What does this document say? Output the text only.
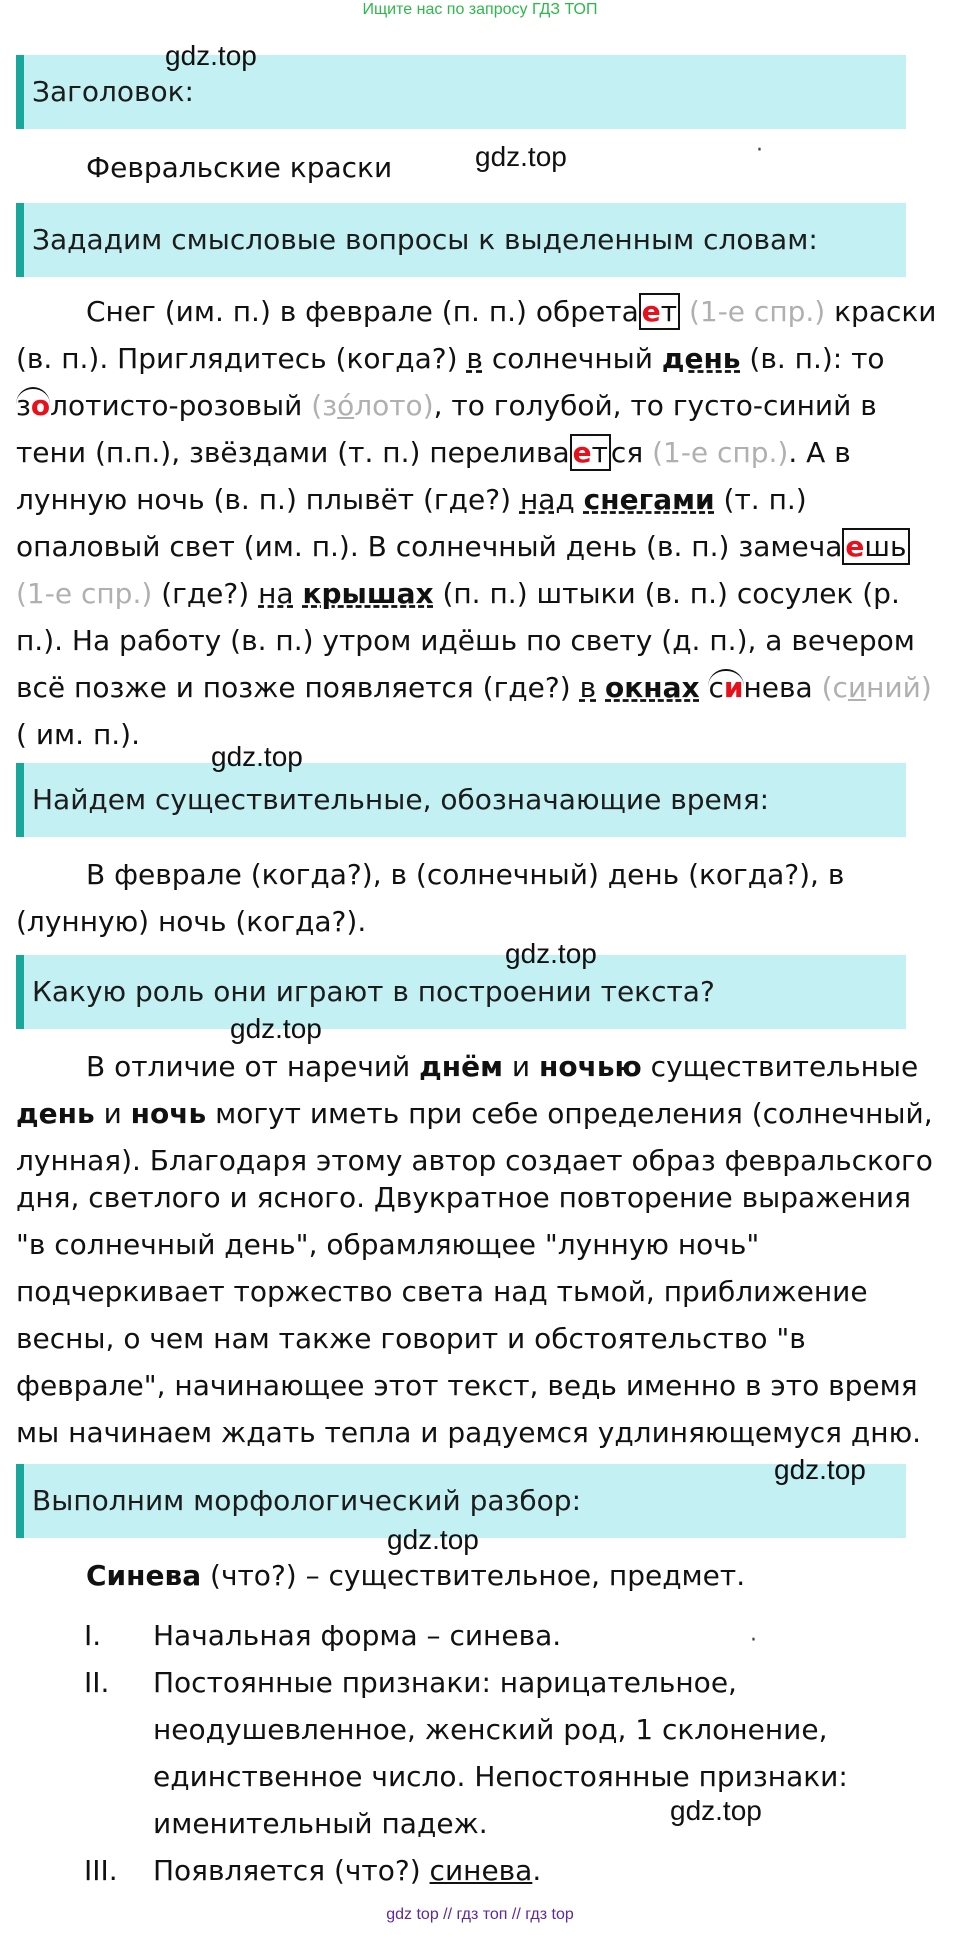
Ищите нас по запросу ГДЗ ТОП
Заголовок:
Февральские краски
Зададим смысловые вопросы к выделенным словам:
Снег (им. п.) в феврале (п. п.) обрета ет (1-е спр.) краски
(в. п.). Приглядитесь (когда?) в солнечный день (в. п.): то
золотисто-розовый (зо́лото), то голубой, то густо-синий в
тени (п.п.), звёздами (т. п.) перелива ет ся (1-е спр.). А в
лунную ночь (в. п.) плывёт (где?) над снегами (т. п.)
опаловый свет (им. п.). В солнечный день (в. п.) замеча ешь
(1-е спр.) (где?) на крышах (п. п.) штыки (в. п.) сосулек (р.
п.). На работу (в. п.) утром идёшь по свету (д. п.), а вечером
всё позже и позже появляется (где?) в окнах синева (синий)
( им. п.).
Найдем существительные, обозначающие время:
В феврале (когда?), в (солнечный) день (когда?), в
(лунную) ночь (когда?).
Какую роль они играют в построении текста?
В отличие от наречий днём и ночью существительные
день и ночь могут иметь при себе определения (солнечный,
лунная). Благодаря этому автор создает образ февральского
дня, светлого и ясного. Двукратное повторение выражения
"в солнечный день", обрамляющее "лунную ночь"
подчеркивает торжество света над тьмой, приближение
весны, о чем нам также говорит и обстоятельство "в
феврале", начинающее этот текст, ведь именно в это время
мы начинаем ждать тепла и радуемся удлиняющемуся дню.
Выполним морфологический разбор:
Синева (что?) – существительное, предмет.
I. Начальная форма – синева.
II. Постоянные признаки: нарицательное,
неодушевленное, женский род, 1 склонение,
единственное число. Непостоянные признаки:
именительный падеж.
III. Появляется (что?) синева.
gdz.top
gdz.top
gdz.top
gdz.top
gdz.top
gdz.top
gdz.top
gdz.top
·
·
gdz top // гдз топ // гдз top
